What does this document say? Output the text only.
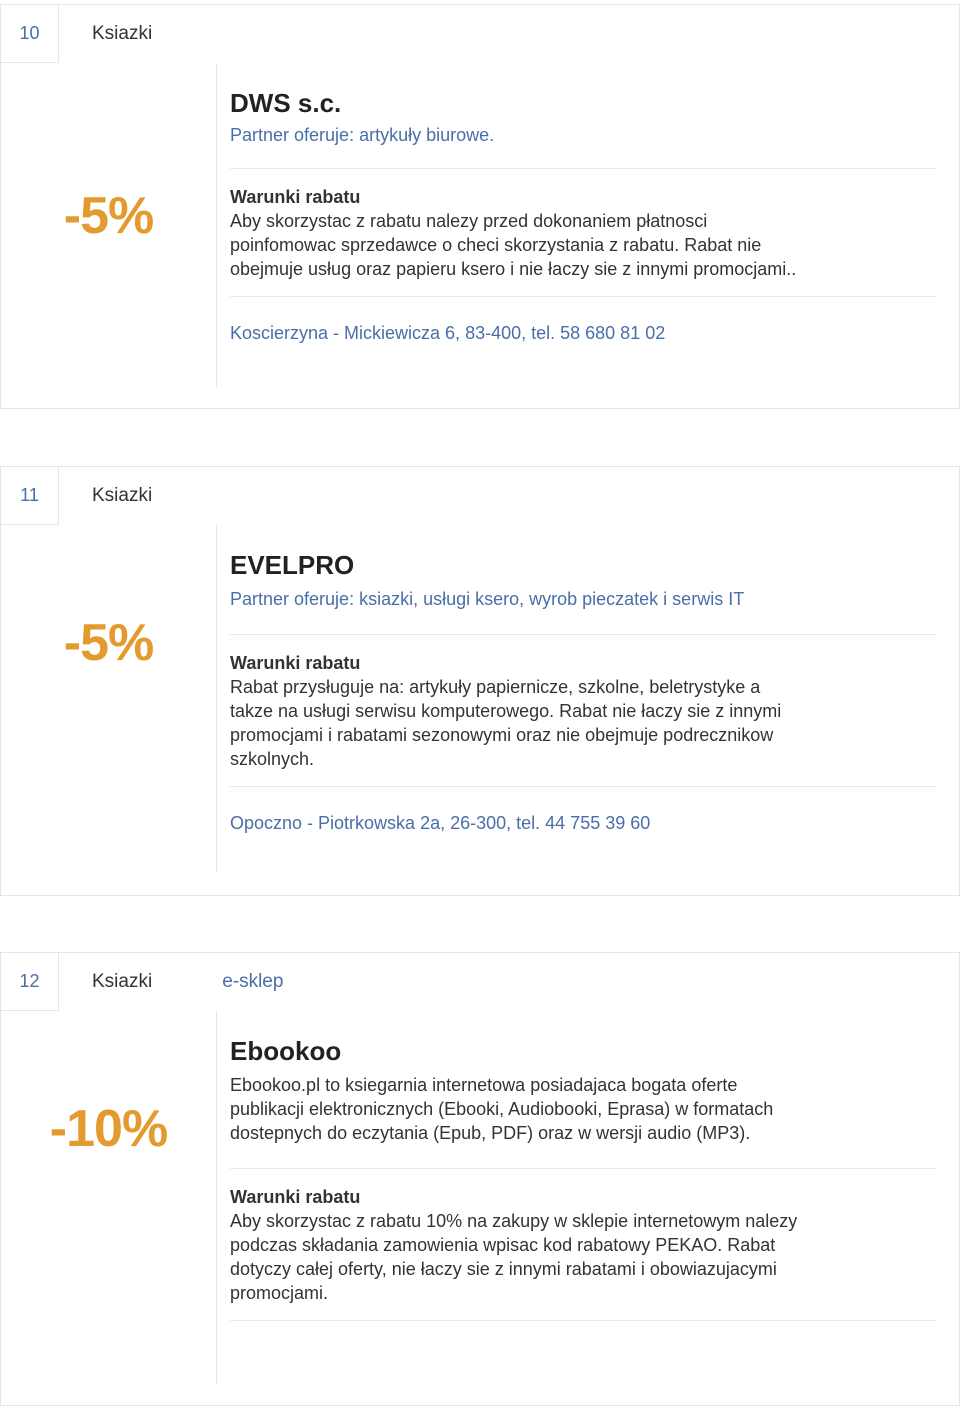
10	Ksiazki
-5%
DWS s.c.
Partner oferuje: artykuły biurowe.
Warunki rabatu
Aby skorzystac z rabatu nalezy przed dokonaniem płatnosci poinfomowac sprzedawce o checi skorzystania z rabatu. Rabat nie obejmuje usług oraz papieru ksero i nie łaczy sie z innymi promocjami..
Koscierzyna - Mickiewicza 6, 83-400, tel. 58 680 81 02
11	Ksiazki
-5%
EVELPRO
Partner oferuje: ksiazki, usługi ksero, wyrob pieczatek i serwis IT
Warunki rabatu
Rabat przysługuje na: artykuły papiernicze, szkolne, beletrystyke a takze na usługi serwisu komputerowego. Rabat nie łaczy sie z innymi promocjami i rabatami sezonowymi oraz nie obejmuje podrecznikow szkolnych.
Opoczno - Piotrkowska 2a, 26-300, tel. 44 755 39 60
12	Ksiazki	e-sklep
-10%
Ebookoo
Ebookoo.pl to ksiegarnia internetowa posiadajaca bogata oferte publikacji elektronicznych (Ebooki, Audiobooki, Eprasa) w formatach dostepnych do eczytania (Epub, PDF) oraz w wersji audio (MP3).
Warunki rabatu
Aby skorzystac z rabatu 10% na zakupy w sklepie internetowym nalezy podczas składania zamowienia wpisac kod rabatowy PEKAO. Rabat dotyczy całej oferty, nie łaczy sie z innymi rabatami i obowiazujacymi promocjami.
